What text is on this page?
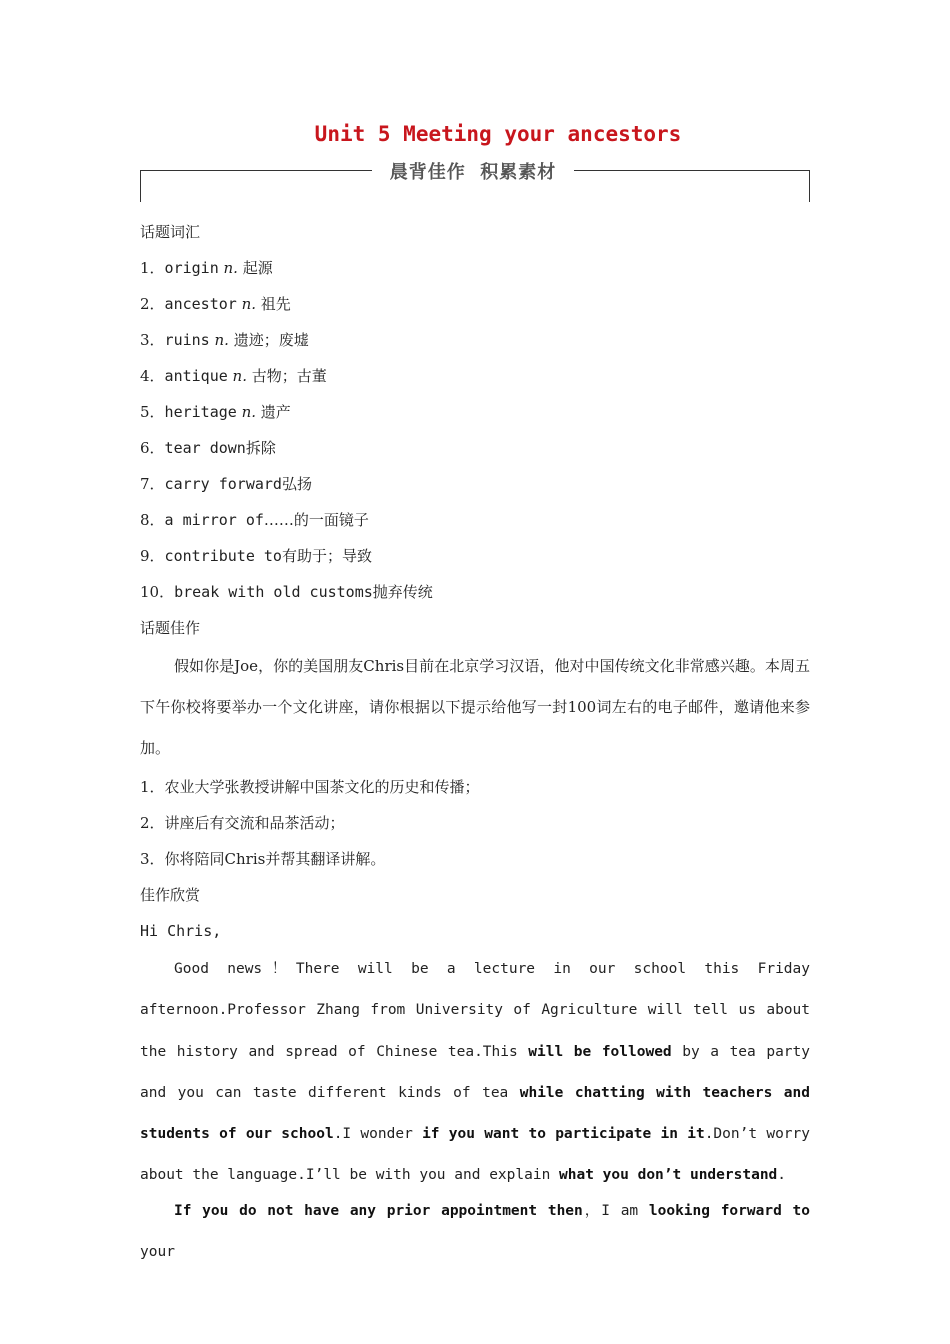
Unit 5 Meeting your ancestors
晨背佳作  积累素材
话题词汇
1．origin n. 起源
2．ancestor n. 祖先
3．ruins n. 遗迹；废墟
4．antique n. 古物；古董
5．heritage n. 遗产
6．tear down拆除
7．carry forward弘扬
8．a mirror of……的一面镜子
9．contribute to有助于；导致
10．break with old customs抛弃传统
话题佳作

假如你是Joe，你的美国朋友Chris目前在北京学习汉语，他对中国传统文化非常感兴趣。本周五下午你校将要举办一个文化讲座，请你根据以下提示给他写一封100词左右的电子邮件，邀请他来参加。

1．农业大学张教授讲解中国茶文化的历史和传播；
2．讲座后有交流和品茶活动；
3．你将陪同Chris并帮其翻译讲解。
佳作欣赏
Hi Chris,

Good news！There will be a lecture in our school this Friday afternoon.Professor Zhang from University of Agriculture will tell us about the history and spread of Chinese tea.This will be followed by a tea party and you can taste different kinds of tea while chatting with teachers and students of our school.I wonder if you want to participate in it.Don’t worry about the language.I’ll be with you and explain what you don’t understand.

If you do not have any prior appointment then，I am looking forward to your
